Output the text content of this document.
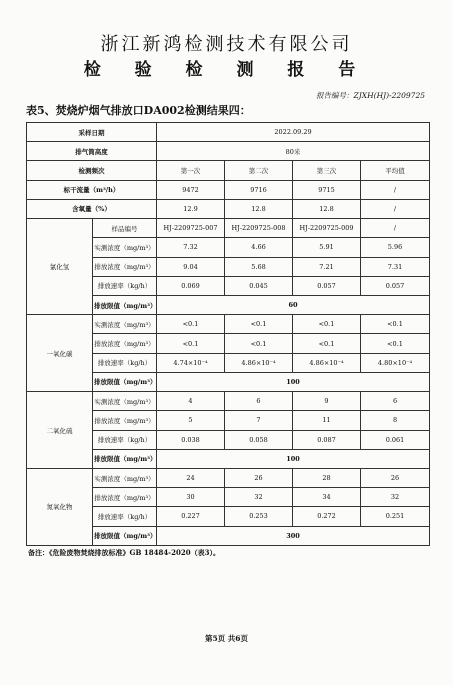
浙江新鸿检测技术有限公司
检 验 检 测 报 告
报告编号：ZJXH(HJ)-2209725
表5、焚烧炉烟气排放口DA002检测结果四：
采样日期		2022.09.29			
排气筒高度		80米			
检测频次		第一次	第二次	第三次	平均值
标干流量（m³/h）		9472	9716	9715	/
含氧量（%）		12.9	12.8	12.8	/
氯化氢	样品编号	HJ-2209725-007	HJ-2209725-008	HJ-2209725-009	/
	实测浓度（mg/m³）	7.32	4.66	5.91	5.96
	排放浓度（mg/m³）	9.04	5.68	7.21	7.31
	排放速率（kg/h）	0.069	0.045	0.057	0.057
	排放限值（mg/m³）	60			
一氧化碳	实测浓度（mg/m³）	<0.1	<0.1	<0.1	<0.1
	排放浓度（mg/m³）	<0.1	<0.1	<0.1	<0.1
	排放速率（kg/h）	4.74×10⁻⁴	4.86×10⁻⁴	4.86×10⁻⁴	4.80×10⁻⁴
	排放限值（mg/m³）	100			
二氧化硫	实测浓度（mg/m³）	4	6	9	6
	排放浓度（mg/m³）	5	7	11	8
	排放速率（kg/h）	0.038	0.058	0.087	0.061
	排放限值（mg/m³）	100			
氮氧化物	实测浓度（mg/m³）	24	26	28	26
	排放浓度（mg/m³）	30	32	34	32
	排放速率（kg/h）	0.227	0.253	0.272	0.251
	排放限值（mg/m³）	300			
备注：《危险废物焚烧排放标准》GB 18484-2020（表3）。
第5页 共6页
